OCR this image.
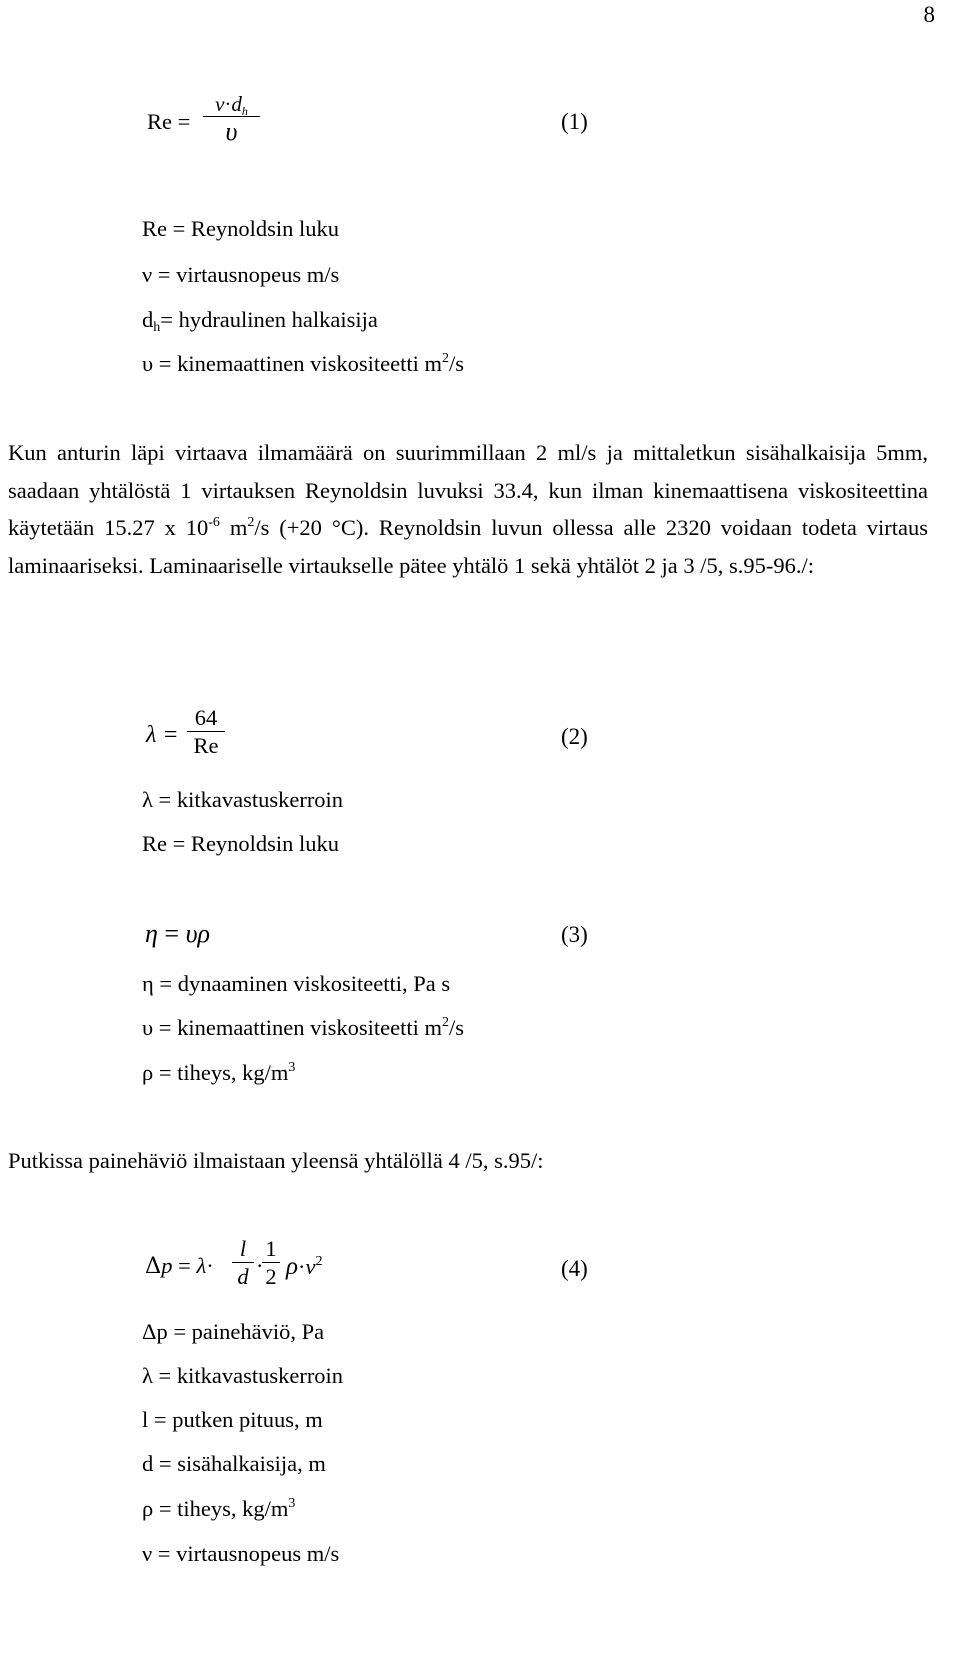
8
Re =
$v\cdot d_h$
υ	(1)
Re = Reynoldsin luku
ν = virtausnopeus m/s
$d_h=$ hydraulinen halkaisija
υ = kinemaattinen viskositeetti $m^2/s$
Kun anturin läpi virtaava ilmamäärä on suurimmillaan 2 ml/s ja mittaletkun sisähalkaisija 5mm, saadaan yhtälöstä 1 virtauksen Reynoldsin luvuksi 33.4, kun ilman kinemaattisena viskositeettina käytetään 15.27 x $10^{-6}$ $m^2/s$ (+20 °C). Reynoldsin luvun ollessa alle 2320 voidaan todeta virtaus laminaariseksi. Laminaariselle virtaukselle pätee yhtälö 1 sekä yhtälöt 2 ja 3 /5, s.95-96./:
λ =
64
Re	(2)
λ = kitkavastuskerroin
Re = Reynoldsin luku
η = υρ	(3)
η = dynaaminen viskositeetti, Pa s
υ = kinemaattinen viskositeetti $m^2/s$
ρ = tiheys, $kg/m^3$
Putkissa painehäviö ilmaistaan yleensä yhtälöllä 4 /5, s.95/:
Δp = λ·
l
d ·
1
2 $\rho\cdot v^2$	(4)
Δp = painehäviö, Pa
λ = kitkavastuskerroin
l = putken pituus, m
d = sisähalkaisija, m
ρ = tiheys, $kg/m^3$
ν = virtausnopeus m/s
